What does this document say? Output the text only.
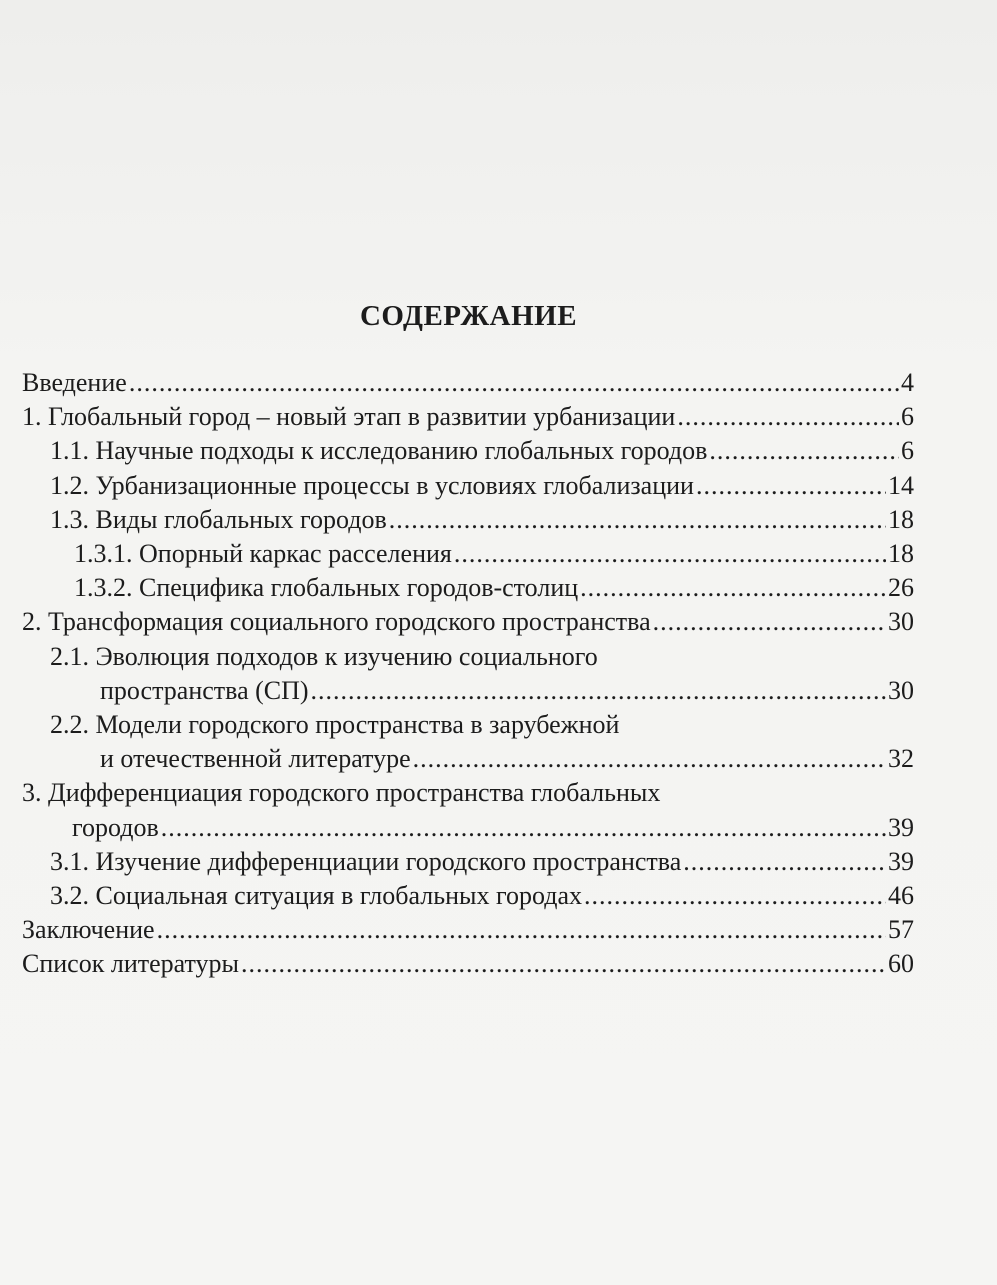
СОДЕРЖАНИЕ
Введение .....	4
1. Глобальный город – новый этап в развитии урбанизации .....	6
1.1. Научные подходы к исследованию глобальных городов .....	6
1.2. Урбанизационные процессы в условиях глобализации .....	14
1.3. Виды глобальных городов .....	18
1.3.1. Опорный каркас расселения .....	18
1.3.2. Специфика глобальных городов-столиц .....	26
2. Трансформация социального городского пространства .....	30
2.1. Эволюция подходов к изучению социального
пространства (СП) .....	30
2.2. Модели городского пространства в зарубежной
и отечественной литературе .....	32
3. Дифференциация городского пространства глобальных
городов .....	39
3.1. Изучение дифференциации городского пространства .....	39
3.2. Социальная ситуация в глобальных городах .....	46
Заключение .....	57
Список литературы .....	60
